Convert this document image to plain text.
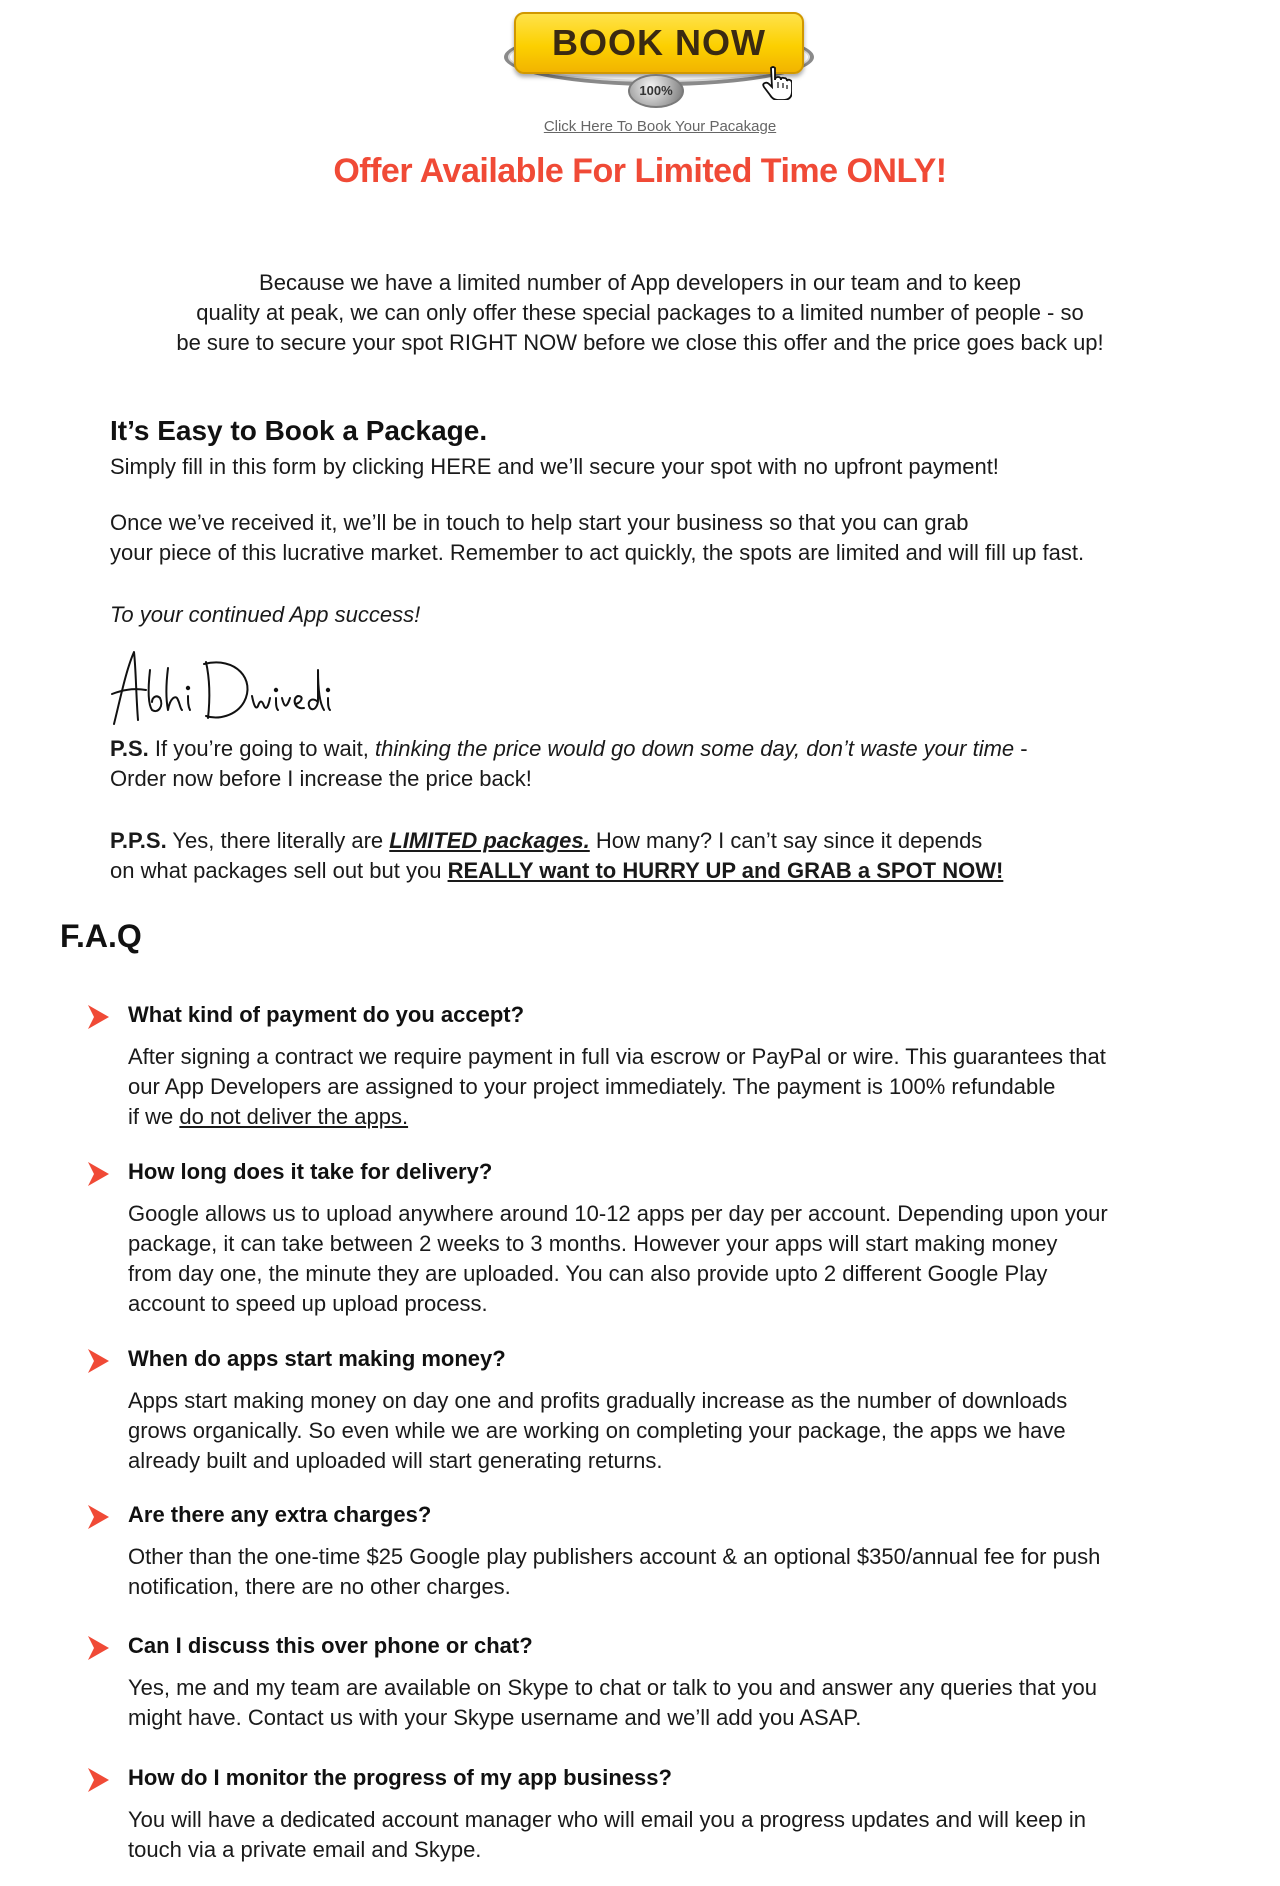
BOOK NOW
100%
Click Here To Book Your Pacakage
Offer Available For Limited Time ONLY!
Because we have a limited number of App developers in our team and to keep
quality at peak, we can only offer these special packages to a limited number of people - so
be sure to secure your spot RIGHT NOW before we close this offer and the price goes back up!
It’s Easy to Book a Package.
Simply fill in this form by clicking HERE and we’ll secure your spot with no upfront payment!
Once we’ve received it, we’ll be in touch to help start your business so that you can grab
your piece of this lucrative market. Remember to act quickly, the spots are limited and will fill up fast.
To your continued App success!
P.S. If you’re going to wait, thinking the price would go down some day, don’t waste your time -
Order now before I increase the price back!
P.P.S. Yes, there literally are LIMITED packages. How many? I can’t say since it depends
on what packages sell out but you REALLY want to HURRY UP and GRAB a SPOT NOW!
F.A.Q
What kind of payment do you accept?
After signing a contract we require payment in full via escrow or PayPal or wire. This guarantees that
our App Developers are assigned to your project immediately. The payment is 100% refundable
if we do not deliver the apps.
How long does it take for delivery?
Google allows us to upload anywhere around 10-12 apps per day per account. Depending upon your
package, it can take between 2 weeks to 3 months. However your apps will start making money
from day one, the minute they are uploaded. You can also provide upto 2 different Google Play
account to speed up upload process.
When do apps start making money?
Apps start making money on day one and profits gradually increase as the number of downloads
grows organically. So even while we are working on completing your package, the apps we have
already built and uploaded will start generating returns.
Are there any extra charges?
Other than the one-time $25 Google play publishers account & an optional $350/annual fee for push
notification, there are no other charges.
Can I discuss this over phone or chat?
Yes, me and my team are available on Skype to chat or talk to you and answer any queries that you
might have. Contact us with your Skype username and we’ll add you ASAP.
How do I monitor the progress of my app business?
You will have a dedicated account manager who will email you a progress updates and will keep in
touch via a private email and Skype.
